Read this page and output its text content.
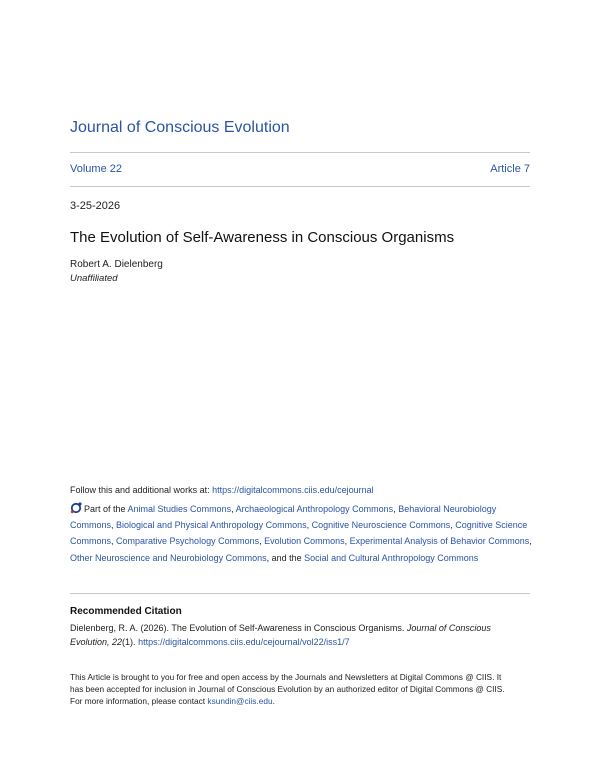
Journal of Conscious Evolution
Volume 22	Article 7
3-25-2026
The Evolution of Self-Awareness in Conscious Organisms
Robert A. Dielenberg
Unaffiliated
Follow this and additional works at: https://digitalcommons.ciis.edu/cejournal
Part of the Animal Studies Commons, Archaeological Anthropology Commons, Behavioral Neurobiology Commons, Biological and Physical Anthropology Commons, Cognitive Neuroscience Commons, Cognitive Science Commons, Comparative Psychology Commons, Evolution Commons, Experimental Analysis of Behavior Commons, Other Neuroscience and Neurobiology Commons, and the Social and Cultural Anthropology Commons
Recommended Citation
Dielenberg, R. A. (2026). The Evolution of Self-Awareness in Conscious Organisms. Journal of Conscious Evolution, 22(1). https://digitalcommons.ciis.edu/cejournal/vol22/iss1/7
This Article is brought to you for free and open access by the Journals and Newsletters at Digital Commons @ CIIS. It has been accepted for inclusion in Journal of Conscious Evolution by an authorized editor of Digital Commons @ CIIS. For more information, please contact ksundin@ciis.edu.
